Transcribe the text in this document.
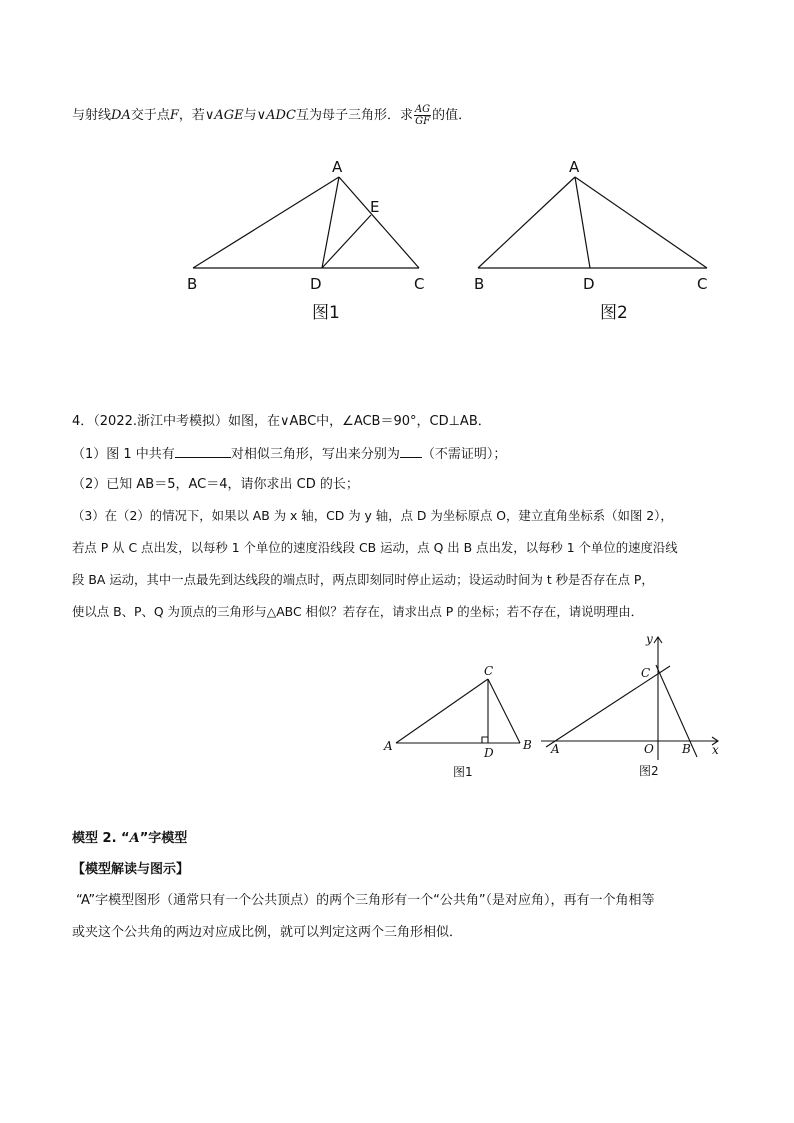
与射线DA交于点F，若∨AGE与∨ADC互为母子三角形．求 $\frac{AG}{GF}$ 的值．
A
E
B	D	C
图1
A
B	D	C
图2
4．（2022.浙江中考模拟）如图，在∨ABC中，∠ACB＝90°，CD⊥AB．
（1）图 1 中共有	对相似三角形，写出来分别为 （不需证明）；
（2）已知 AB＝5，AC＝4，请你求出 CD 的长；
（3）在（2）的情况下，如果以 AB 为 x 轴，CD 为 y 轴，点 D 为坐标原点 O，建立直角坐标系（如图 2），
若点 P 从 C 点出发，以每秒 1 个单位的速度沿线段 CB 运动，点 Q 出 B 点出发，以每秒 1 个单位的速度沿线
段 BA 运动，其中一点最先到达线段的端点时，两点即刻同时停止运动；设运动时间为 t 秒是否存在点 P，
使以点 B、P、Q 为顶点的三角形与△ABC 相似？若存在，请求出点 P 的坐标；若不存在，请说明理由．
C
A	D
B
图1
y
C
A	O B x
图2
模型 2. “A”字模型
【模型解读与图示】
“A”字模型图形（通常只有一个公共顶点）的两个三角形有一个“公共角”（是对应角），再有一个角相等
或夹这个公共角的两边对应成比例，就可以判定这两个三角形相似．
